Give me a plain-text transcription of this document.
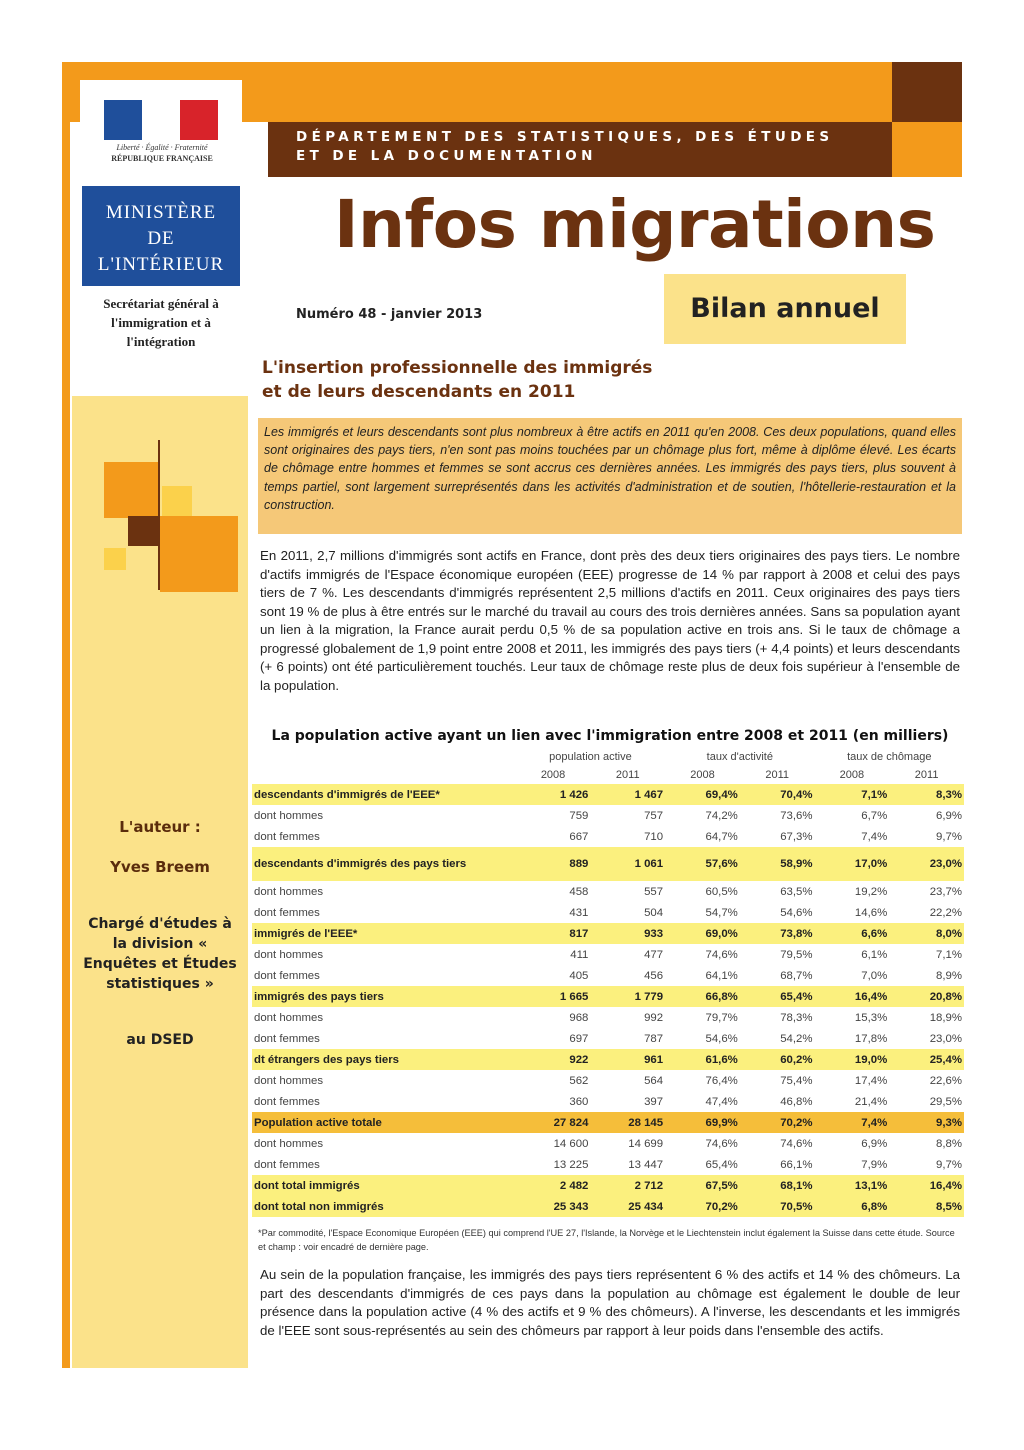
DÉPARTEMENT DES STATISTIQUES, DES ÉTUDES
ET DE LA DOCUMENTATION
Liberté · Égalité · Fraternité
RÉPUBLIQUE FRANÇAISE
MINISTÈRE
DE
L'INTÉRIEUR
Secrétariat général à l'immigration et à l'intégration
L'auteur :
Yves Breem
Chargé d'études à la division « Enquêtes et Études statistiques »
au DSED
Infos migrations
Numéro 48 - janvier 2013	Bilan annuel
L'insertion professionnelle des immigrés
et de leurs descendants en 2011
Les immigrés et leurs descendants sont plus nombreux à être actifs en 2011 qu'en 2008. Ces deux populations, quand elles sont originaires des pays tiers, n'en sont pas moins touchées par un chômage plus fort, même à diplôme élevé. Les écarts de chômage entre hommes et femmes se sont accrus ces dernières années. Les immigrés des pays tiers, plus souvent à temps partiel, sont largement surreprésentés dans les activités d'administration et de soutien, l'hôtellerie-restauration et la construction.
En 2011, 2,7 millions d'immigrés sont actifs en France, dont près des deux tiers originaires des pays tiers. Le nombre d'actifs immigrés de l'Espace économique européen (EEE) progresse de 14 % par rapport à 2008 et celui des pays tiers de 7 %. Les descendants d'immigrés représentent 2,5 millions d'actifs en 2011. Ceux originaires des pays tiers sont 19 % de plus à être entrés sur le marché du travail au cours des trois dernières années. Sans sa population ayant un lien à la migration, la France aurait perdu 0,5 % de sa population active en trois ans. Si le taux de chômage a progressé globalement de 1,9 point entre 2008 et 2011, les immigrés des pays tiers (+ 4,4 points) et leurs descendants (+ 6 points) ont été particulièrement touchés. Leur taux de chômage reste plus de deux fois supérieur à l'ensemble de la population.
La population active ayant un lien avec l'immigration entre 2008 et 2011 (en milliers)
	population active		taux d'activité		taux de chômage	
	2008	2011	2008	2011	2008	2011
descendants d'immigrés de l'EEE*	1 426	1 467	69,4%	70,4%	7,1%	8,3%
dont hommes	759	757	74,2%	73,6%	6,7%	6,9%
dont femmes	667	710	64,7%	67,3%	7,4%	9,7%
descendants d'immigrés des pays tiers	889	1 061	57,6%	58,9%	17,0%	23,0%
dont hommes	458	557	60,5%	63,5%	19,2%	23,7%
dont femmes	431	504	54,7%	54,6%	14,6%	22,2%
immigrés de l'EEE*	817	933	69,0%	73,8%	6,6%	8,0%
dont hommes	411	477	74,6%	79,5%	6,1%	7,1%
dont femmes	405	456	64,1%	68,7%	7,0%	8,9%
immigrés des pays tiers	1 665	1 779	66,8%	65,4%	16,4%	20,8%
dont hommes	968	992	79,7%	78,3%	15,3%	18,9%
dont femmes	697	787	54,6%	54,2%	17,8%	23,0%
dt étrangers des pays tiers	922	961	61,6%	60,2%	19,0%	25,4%
dont hommes	562	564	76,4%	75,4%	17,4%	22,6%
dont femmes	360	397	47,4%	46,8%	21,4%	29,5%
Population active totale	27 824	28 145	69,9%	70,2%	7,4%	9,3%
dont hommes	14 600	14 699	74,6%	74,6%	6,9%	8,8%
dont femmes	13 225	13 447	65,4%	66,1%	7,9%	9,7%
dont total immigrés	2 482	2 712	67,5%	68,1%	13,1%	16,4%
dont total non immigrés	25 343	25 434	70,2%	70,5%	6,8%	8,5%
*Par commodité, l'Espace Economique Européen (EEE) qui comprend l'UE 27, l'Islande, la Norvège et le Liechtenstein inclut également la Suisse dans cette étude. Source et champ : voir encadré de dernière page.
Au sein de la population française, les immigrés des pays tiers représentent 6 % des actifs et 14 % des chômeurs. La part des descendants d'immigrés de ces pays dans la population au chômage est également le double de leur présence dans la population active (4 % des actifs et 9 % des chômeurs). A l'inverse, les descendants et les immigrés de l'EEE sont sous-représentés au sein des chômeurs par rapport à leur poids dans l'ensemble des actifs.
